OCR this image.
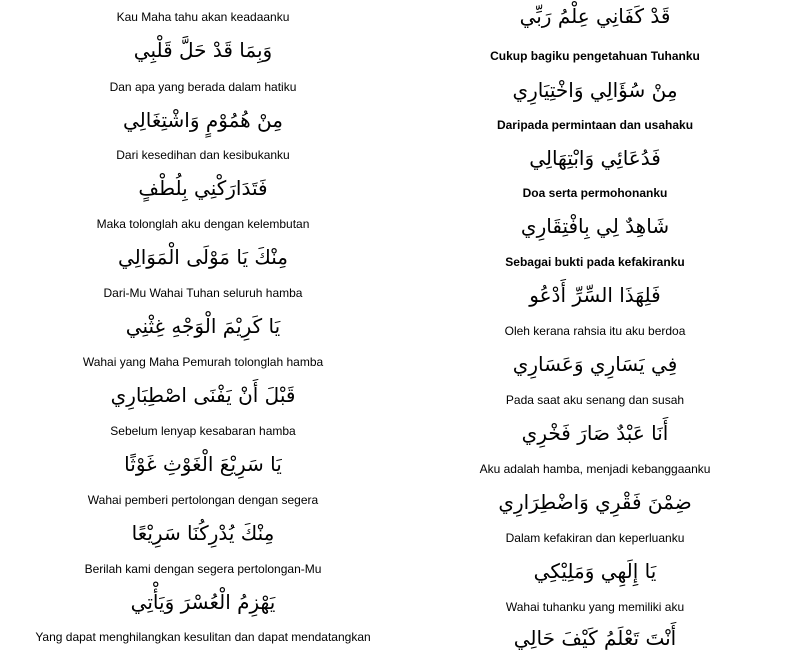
Kau Maha tahu akan keadaanku
وَبِمَا قَدْ حَلَّ قَلْبِي
Dan apa yang berada dalam hatiku
مِنْ هُمُوْمٍ وَاشْتِغَالِي
Dari kesedihan dan kesibukanku
فَتَدَارَكْنِي بِلُطْفٍ
Maka tolonglah aku dengan kelembutan
مِنْكَ يَا مَوْلَى الْمَوَالِي
Dari-Mu Wahai Tuhan seluruh hamba
يَا كَرِيْمَ الْوَجْهِ غِثْنِي
Wahai yang Maha Pemurah tolonglah hamba
قَبْلَ أَنْ يَفْنَى اصْطِبَارِي
Sebelum lenyap kesabaran hamba
يَا سَرِيْعَ الْغَوْثِ غَوْثًا
Wahai pemberi pertolongan dengan segera
مِنْكَ يُدْرِكُنَا سَرِيْعًا
Berilah kami dengan segera pertolongan-Mu
يَهْزِمُ الْعُسْرَ وَيَأْتِي
Yang dapat menghilangkan kesulitan dan dapat mendatangkan
قَدْ كَفَانِي عِلْمُ رَبِّي
Cukup bagiku pengetahuan Tuhanku
مِنْ سُؤَالِي وَاخْتِيَارِي
Daripada permintaan dan usahaku
فَدُعَائِي وَابْتِهَالِي
Doa serta permohonanku
شَاهِدٌ لِي بِافْتِقَارِي
Sebagai bukti pada kefakiranku
فَلِهَذَا السِّرِّ أَدْعُو
Oleh kerana rahsia itu aku berdoa
فِي يَسَارِي وَعَسَارِي
Pada saat aku senang dan susah
أَنَا عَبْدٌ صَارَ فَخْرِي
Aku adalah hamba, menjadi kebanggaanku
ضِمْنَ فَقْرِي وَاضْطِرَارِي
Dalam kefakiran dan keperluanku
يَا إِلَهِي وَمَلِيْكِي
Wahai tuhanku yang memiliki aku
أَنْتَ تَعْلَمُ كَيْفَ حَالِي
